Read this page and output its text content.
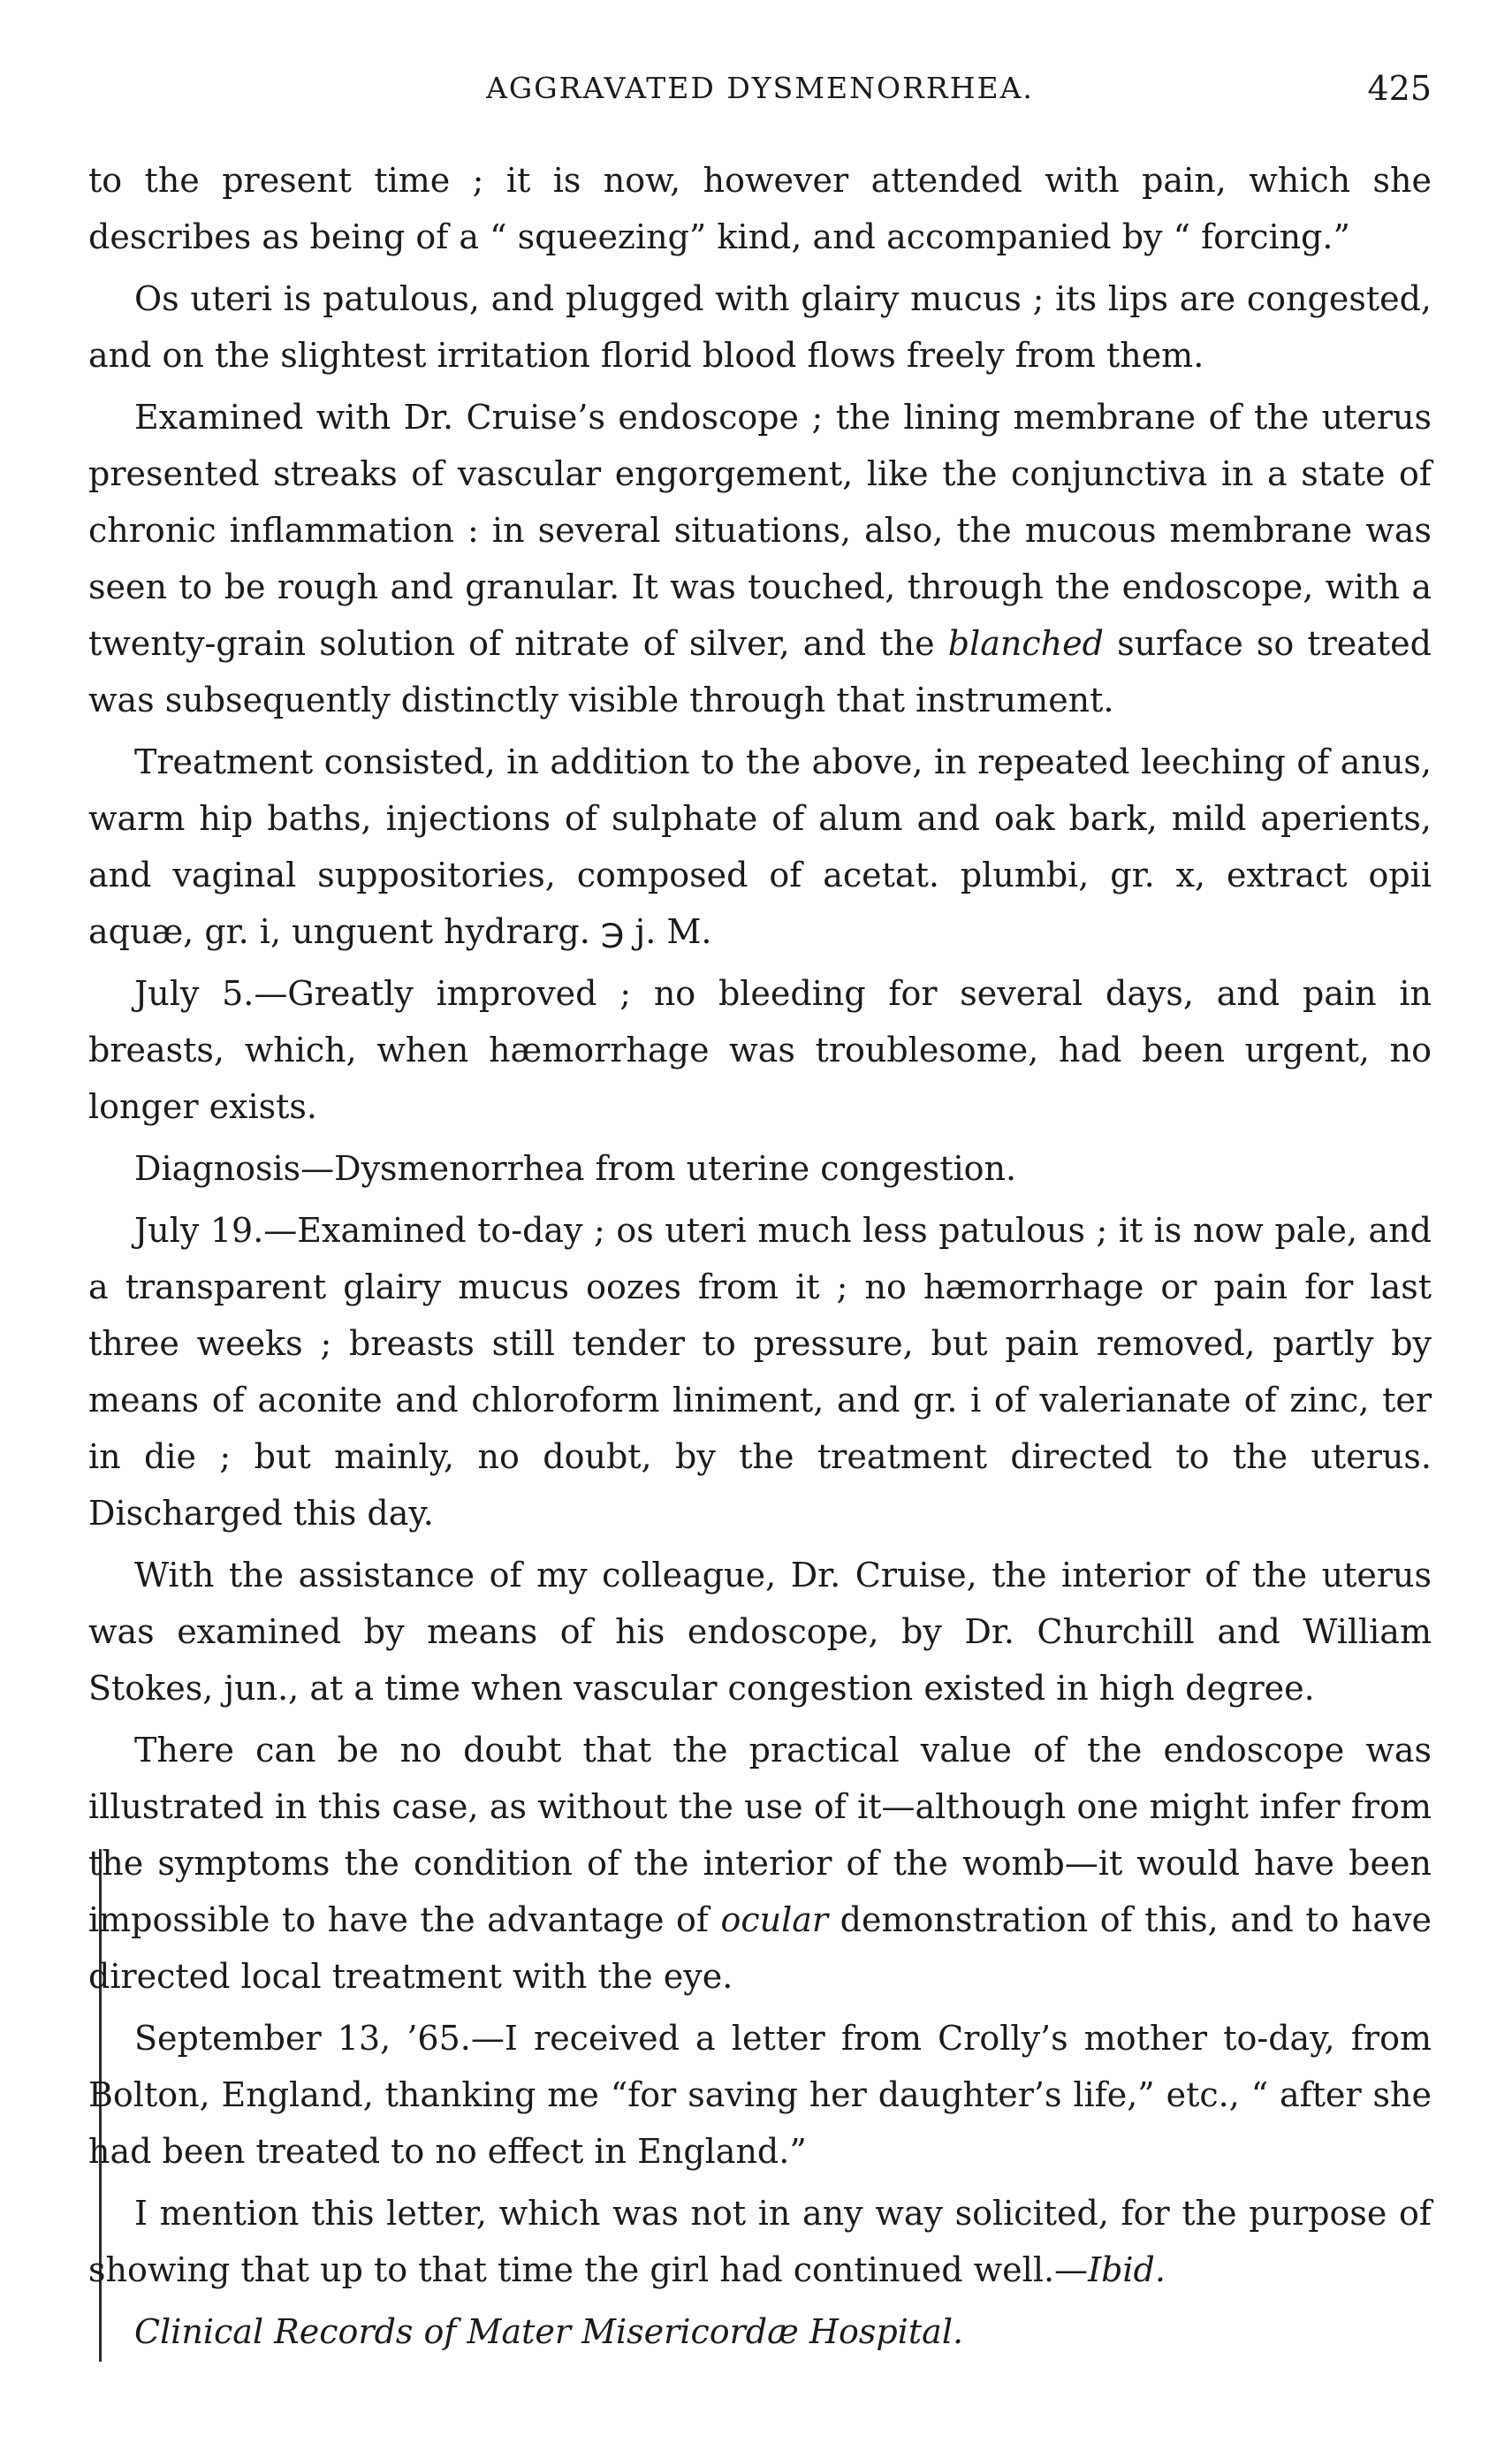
AGGRAVATED DYSMENORRHEA.	425

to the present time ; it is now, however attended with pain, which she describes as being of a “ squeezing” kind, and accompanied by “ forcing.”

Os uteri is patulous, and plugged with glairy mucus ; its lips are congested, and on the slightest irritation florid blood flows freely from them.

Examined with Dr. Cruise’s endoscope ; the lining membrane of the uterus presented streaks of vascular engorgement, like the conjunctiva in a state of chronic inflammation : in several situations, also, the mucous membrane was seen to be rough and granular. It was touched, through the endoscope, with a twenty-grain solution of nitrate of silver, and the blanched surface so treated was subsequently distinctly visible through that instrument.

Treatment consisted, in addition to the above, in repeated leeching of anus, warm hip baths, injections of sulphate of alum and oak bark, mild aperients, and vaginal suppositories, composed of acetat. plumbi, gr. x, extract opii aquæ, gr. i, unguent hydrarg. ℈ j. M.

July 5.—Greatly improved ; no bleeding for several days, and pain in breasts, which, when hæmorrhage was troublesome, had been urgent, no longer exists.

Diagnosis—Dysmenorrhea from uterine congestion.

July 19.—Examined to-day ; os uteri much less patulous ; it is now pale, and a transparent glairy mucus oozes from it ; no hæmorrhage or pain for last three weeks ; breasts still tender to pressure, but pain removed, partly by means of aconite and chloroform liniment, and gr. i of valerianate of zinc, ter in die ; but mainly, no doubt, by the treatment directed to the uterus. Discharged this day.

With the assistance of my colleague, Dr. Cruise, the interior of the uterus was examined by means of his endoscope, by Dr. Churchill and William Stokes, jun., at a time when vascular congestion existed in high degree.

There can be no doubt that the practical value of the endoscope was illustrated in this case, as without the use of it—although one might infer from the symptoms the condition of the interior of the womb—it would have been impossible to have the advantage of ocular demonstration of this, and to have directed local treatment with the eye.

September 13, ’65.—I received a letter from Crolly’s mother to-day, from Bolton, England, thanking me “for saving her daughter’s life,” etc., “ after she had been treated to no effect in England.”

I mention this letter, which was not in any way solicited, for the purpose of showing that up to that time the girl had continued well.—Ibid.

Clinical Records of Mater Misericordæ Hospital.
